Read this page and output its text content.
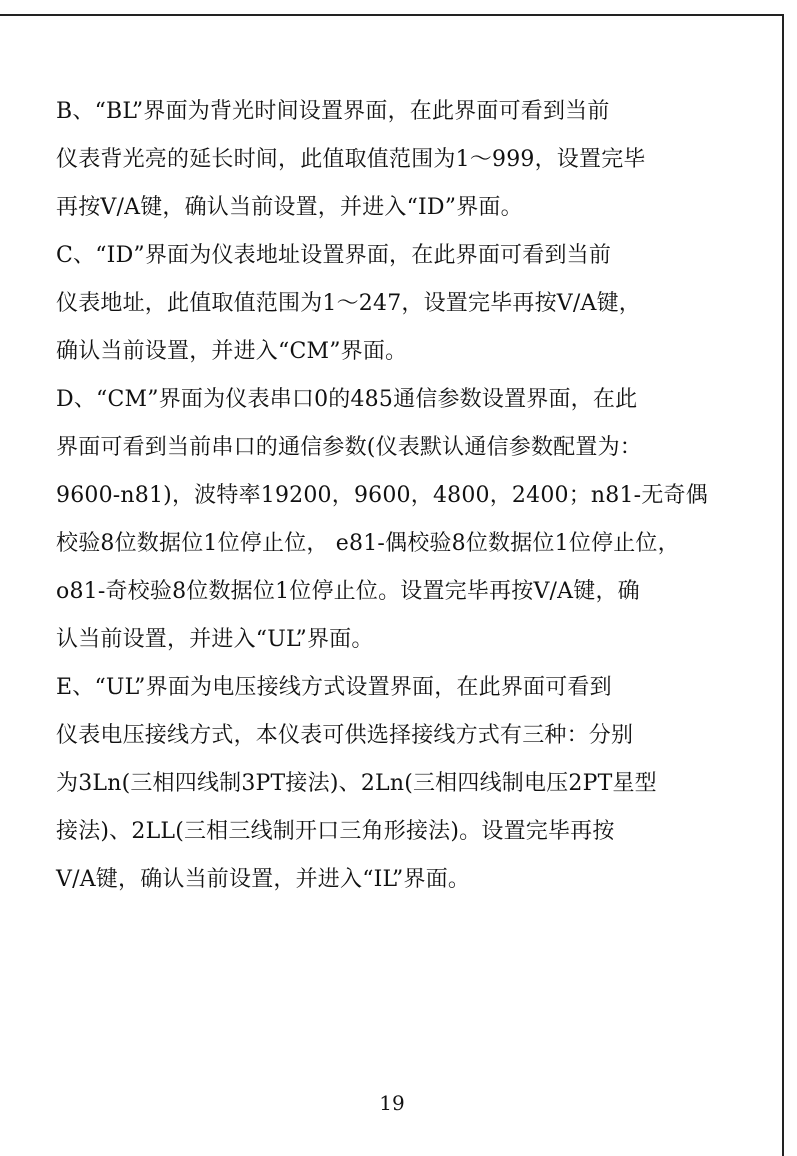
B、“BL”界面为背光时间设置界面，在此界面可看到当前
仪表背光亮的延长时间，此值取值范围为1～999，设置完毕
再按V/A键，确认当前设置，并进入“ID”界面。
C、“ID”界面为仪表地址设置界面，在此界面可看到当前
仪表地址，此值取值范围为1～247，设置完毕再按V/A键，
确认当前设置，并进入“CM”界面。
D、“CM”界面为仪表串口0的485通信参数设置界面，在此
界面可看到当前串口的通信参数(仪表默认通信参数配置为：
9600-n81)，波特率19200，9600，4800，2400；n81-无奇偶
校验8位数据位1位停止位， e81-偶校验8位数据位1位停止位，
o81-奇校验8位数据位1位停止位。设置完毕再按V/A键，确
认当前设置，并进入“UL”界面。
E、“UL”界面为电压接线方式设置界面，在此界面可看到
仪表电压接线方式，本仪表可供选择接线方式有三种：分别
为3Ln(三相四线制3PT接法)、2Ln(三相四线制电压2PT星型
接法)、2LL(三相三线制开口三角形接法)。设置完毕再按
V/A键，确认当前设置，并进入“IL”界面。
19
